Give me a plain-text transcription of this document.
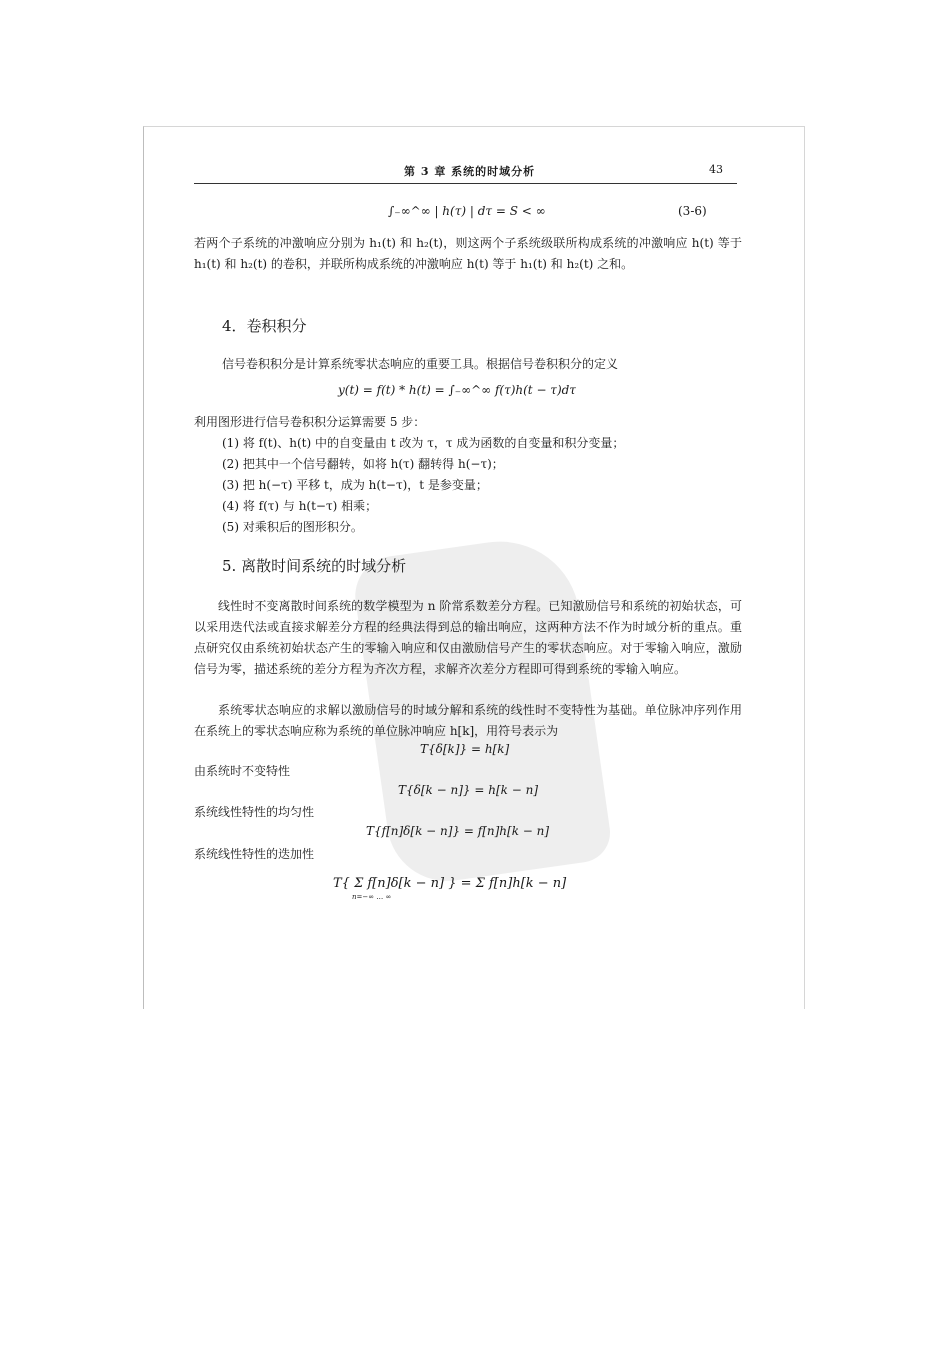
第 3 章 系统的时域分析	43
∫₋∞^∞ | h(τ) | dτ = S < ∞	(3-6)
若两个子系统的冲激响应分别为 h₁(t) 和 h₂(t)，则这两个子系统级联所构成系统的冲激响应 h(t) 等于 h₁(t) 和 h₂(t) 的卷积，并联所构成系统的冲激响应 h(t) 等于 h₁(t) 和 h₂(t) 之和。
4．卷积积分
信号卷积积分是计算系统零状态响应的重要工具。根据信号卷积积分的定义
y(t) = f(t) * h(t) = ∫₋∞^∞ f(τ)h(t − τ)dτ
利用图形进行信号卷积积分运算需要 5 步：
(1) 将 f(t)、h(t) 中的自变量由 t 改为 τ，τ 成为函数的自变量和积分变量；
(2) 把其中一个信号翻转，如将 h(τ) 翻转得 h(−τ)；
(3) 把 h(−τ) 平移 t，成为 h(t−τ)，t 是参变量；
(4) 将 f(τ) 与 h(t−τ) 相乘；
(5) 对乘积后的图形积分。
5. 离散时间系统的时域分析
线性时不变离散时间系统的数学模型为 n 阶常系数差分方程。已知激励信号和系统的初始状态，可以采用迭代法或直接求解差分方程的经典法得到总的输出响应，这两种方法不作为时域分析的重点。重点研究仅由系统初始状态产生的零输入响应和仅由激励信号产生的零状态响应。对于零输入响应，激励信号为零，描述系统的差分方程为齐次方程，求解齐次差分方程即可得到系统的零输入响应。
系统零状态响应的求解以激励信号的时域分解和系统的线性时不变特性为基础。单位脉冲序列作用在系统上的零状态响应称为系统的单位脉冲响应 h[k]，用符号表示为
T{δ[k]} = h[k]
由系统时不变特性
T{δ[k − n]} = h[k − n]
系统线性特性的均匀性
T{f[n]δ[k − n]} = f[n]h[k − n]
系统线性特性的迭加性
T{ Σ f[n]δ[k − n] } = Σ f[n]h[k − n]
n=−∞ … ∞
